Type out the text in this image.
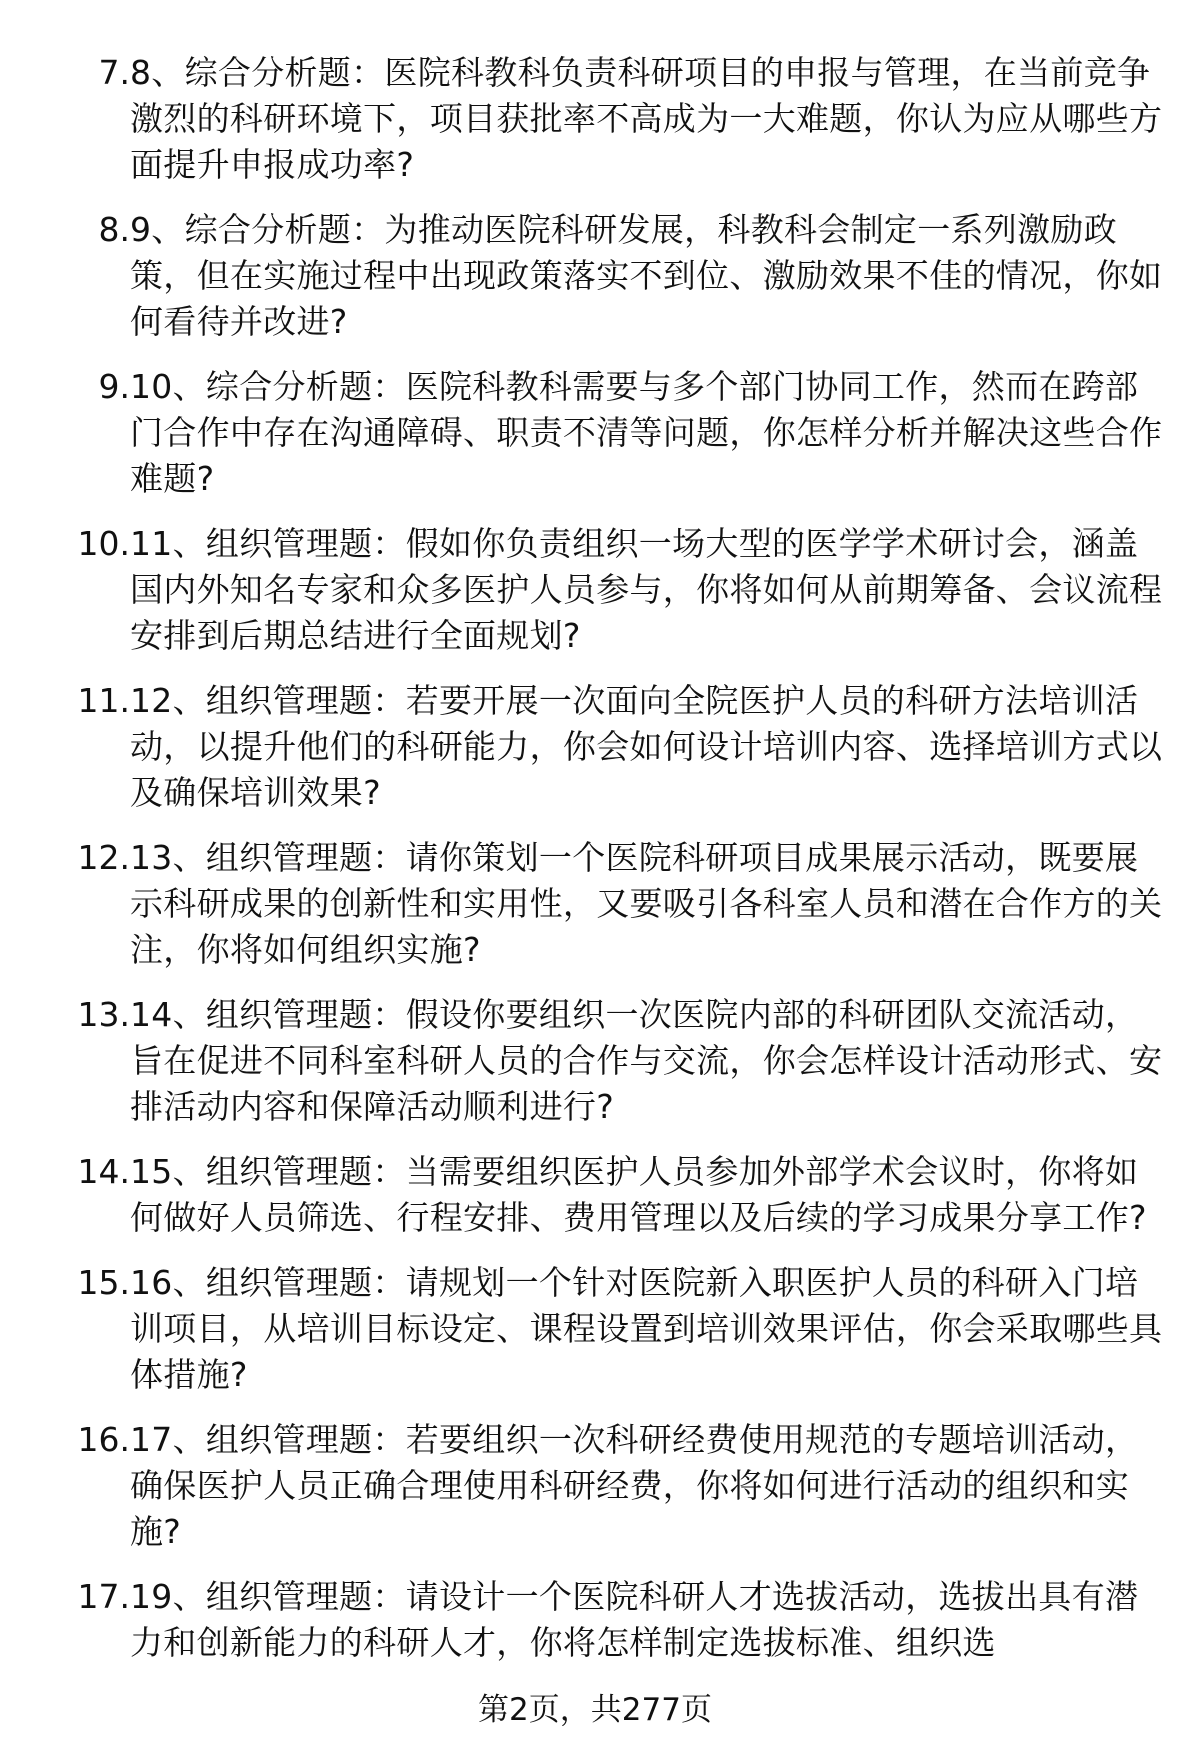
7. 8、综合分析题：医院科教科负责科研项目的申报与管理，在当前竞争激烈的科研环境下，项目获批率不高成为一大难题，你认为应从哪些方面提升申报成功率?
8. 9、综合分析题：为推动医院科研发展，科教科会制定一系列激励政策，但在实施过程中出现政策落实不到位、激励效果不佳的情况，你如何看待并改进?
9. 10、综合分析题：医院科教科需要与多个部门协同工作，然而在跨部门合作中存在沟通障碍、职责不清等问题，你怎样分析并解决这些合作难题?
10. 11、组织管理题：假如你负责组织一场大型的医学学术研讨会，涵盖国内外知名专家和众多医护人员参与，你将如何从前期筹备、会议流程安排到后期总结进行全面规划?
11. 12、组织管理题：若要开展一次面向全院医护人员的科研方法培训活动，以提升他们的科研能力，你会如何设计培训内容、选择培训方式以及确保培训效果?
12. 13、组织管理题：请你策划一个医院科研项目成果展示活动，既要展示科研成果的创新性和实用性，又要吸引各科室人员和潜在合作方的关注，你将如何组织实施?
13. 14、组织管理题：假设你要组织一次医院内部的科研团队交流活动，旨在促进不同科室科研人员的合作与交流，你会怎样设计活动形式、安排活动内容和保障活动顺利进行?
14. 15、组织管理题：当需要组织医护人员参加外部学术会议时，你将如何做好人员筛选、行程安排、费用管理以及后续的学习成果分享工作?
15. 16、组织管理题：请规划一个针对医院新入职医护人员的科研入门培训项目，从培训目标设定、课程设置到培训效果评估，你会采取哪些具体措施?
16. 17、组织管理题：若要组织一次科研经费使用规范的专题培训活动，确保医护人员正确合理使用科研经费，你将如何进行活动的组织和实施?
17. 19、组织管理题：请设计一个医院科研人才选拔活动，选拔出具有潜力和创新能力的科研人才，你将怎样制定选拔标准、组织选
第2页，共277页
